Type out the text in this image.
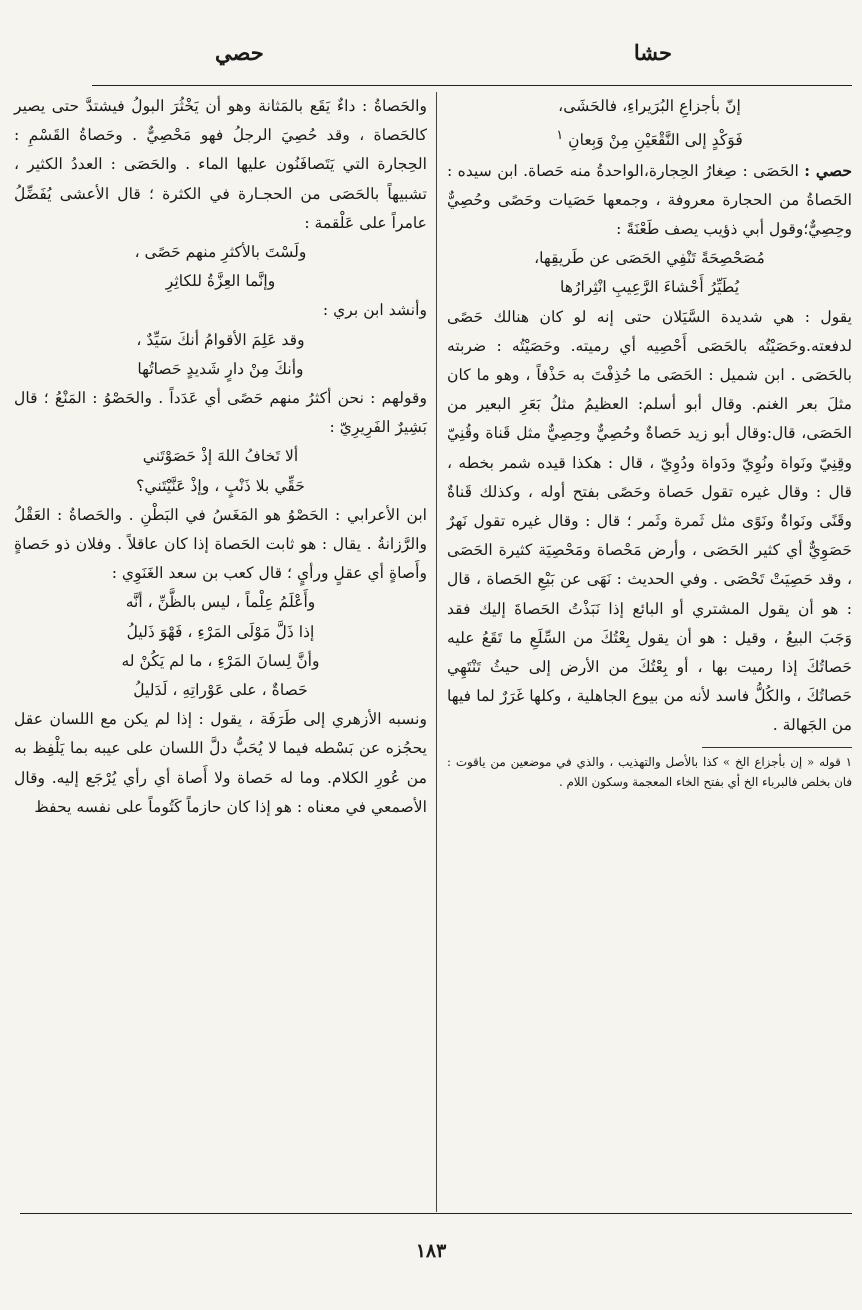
حشا
حصي

إنّ بأجزاعِ البُرَيراءِ، فالحَشَى،

فَوَكْدٍ إلى النَّقْعَيْنِ مِنْ وَبِعانِ $^١$

حصي : الحَصَى : صِغارُ الحِجارة،الواحدةُ منه حَصاة. ابن سيده : الحَصاةُ من الحجارة معروفة ، وجمعها حَصَيات وحَصًى وحُصِيٌّ وحِصِيٌّ؛وقول أبي ذؤيب يصف طَعْنَةً :

مُصَحْصِحَةً تَنْفِي الحَصَى عن طَريقِها،

يُطَيِّرُ أَحْشاءَ الرَّعِيبِ انْثِرارُها

يقول : هي شديدة السَّيَلان حتى إنه لو كان هنالك حَصًى لدفعته.وحَصَيْتُه بالحَصَى أَحْصِيه أي رميته. وحَصَيْتُه : ضربته بالحَصَى . ابن شميل : الحَصَى ما حُذِفْتَ به حَذْفاً ، وهو ما كان مثلَ بعر الغنم. وقال أبو أسلم: العظيمُ مثلُ بَعَرِ البعير من الحَصَى، قال:وقال أبو زيد حَصاةٌ وحُصِيٌّ وحِصِيٌّ مثل قَناة وقُنِيّ وقِنِيّ ونَواة ونُوِيّ ودَواة ودُوِيّ ، قال : هكذا قيده شمر بخطه ، قال : وقال غيره تقول حَصاة وحَصًى بفتح أوله ، وكذلك قَناةٌ وقَنًى ونَواةٌ ونَوًى مثل ثَمرة وثَمر ؛ قال : وقال غيره تقول نَهرٌ حَصَوِيٌّ أي كثير الحَصَى ، وأرض مَحْصاة ومَحْصِيَة كثيرة الحَصَى ، وقد حَصِيَتْ تَحْصَى . وفي الحديث : نَهَى عن بَيْعِ الحَصاة ، قال : هو أن يقول المشتري أو البائع إذا نَبَذْتُ الحَصاةَ إليك فقد وَجَبَ البيعُ ، وقيل : هو أن يقول بِعْتُكَ من السِّلَعِ ما تَقَعُ عليه حَصاتُكَ إذا رميت بها ، أو بِعْتُكَ من الأرض إلى حيثُ تَنْتَهِي حَصاتُكَ ، والكُلُّ فاسد لأنه من بيوع الجاهلية ، وكلها غَرَرٌ لما فيها من الجَهالة .

١ قوله « إن بأجزاع الخ » كذا بالأصل والتهذيب ، والذي في موضعين من ياقوت : فان بخلص فالبرباء الخ أي بفتح الخاء المعجمة وسكون اللام .

والحَصاةُ : داءٌ يَقَع بالمَثانة وهو أن يَخْثُرَ البولُ فيشتدَّ حتى يصير كالحَصاة ، وقد حُصِيَ الرجلُ فهو مَحْصِيٌّ . وحَصاةُ القَسْمِ : الحِجارة التي يَتَصافَنُون عليها الماء . والحَصَى : العددُ الكثير ، تشبيهاً بالحَصَى من الحجـارة في الكثرة ؛ قال الأعشى يُفَضِّلُ عامراً على عَلْقمة :

ولَسْتَ بالأكثرِ منهم حَصًى ،

وإنَّما العِزَّةُ للكاثِرِ

وأنشد ابن بري :

وقد عَلِمَ الأقوامُ أنكَ سَيِّدٌ ،

وأنكَ مِنْ دارٍ شَديدٍ حَصاتُها

وقولهم : نحن أكثرُ منهم حَصًى أي عَدَداً . والحَصْوُ : المَنْعُ ؛ قال بَشِيرٌ الفَرِيرِيّ :

ألا تَخافُ اللهَ إذْ حَصَوْتَني

حَقِّي بلا ذَنْبٍ ، وإذْ عَنَّيْتَني؟

ابن الأعرابي : الحَصْوُ هو المَغَسُ في البَطْنِ . والحَصاةُ : العَقْلُ والرَّزانةُ . يقال : هو ثابت الحَصاة إذا كان عاقلاً . وفلان ذو حَصاةٍ وأَصاةٍ أي عقلٍ ورأيٍ ؛ قال كعب بن سعد الغَنَوِي :

وأَعْلَمُ عِلْماً ، ليس بالظَّنِّ ، أنَّه

إذا ذَلَّ مَوْلَى المَرْءِ ، فَهْوَ ذَليلُ

وأنَّ لِسانَ المَرْءِ ، ما لم يَكُنْ له

حَصاةٌ ، على عَوْراتِهِ ، لَدَليلُ

ونسبه الأزهري إلى طَرَفَة ، يقول : إذا لم يكن مع اللسان عقل يحجُزه عن بَسْطه فيما لا يُحَبُّ دلَّ اللسان على عيبه بما يَلْفِظ به من عُورِ الكلام. وما له حَصاة ولا أَصاة أي رأي يُرْجَع إليه. وقال الأصمعي في معناه : هو إذا كان حازماً كَتُوماً على نفسه يحفظ

١٨٣
